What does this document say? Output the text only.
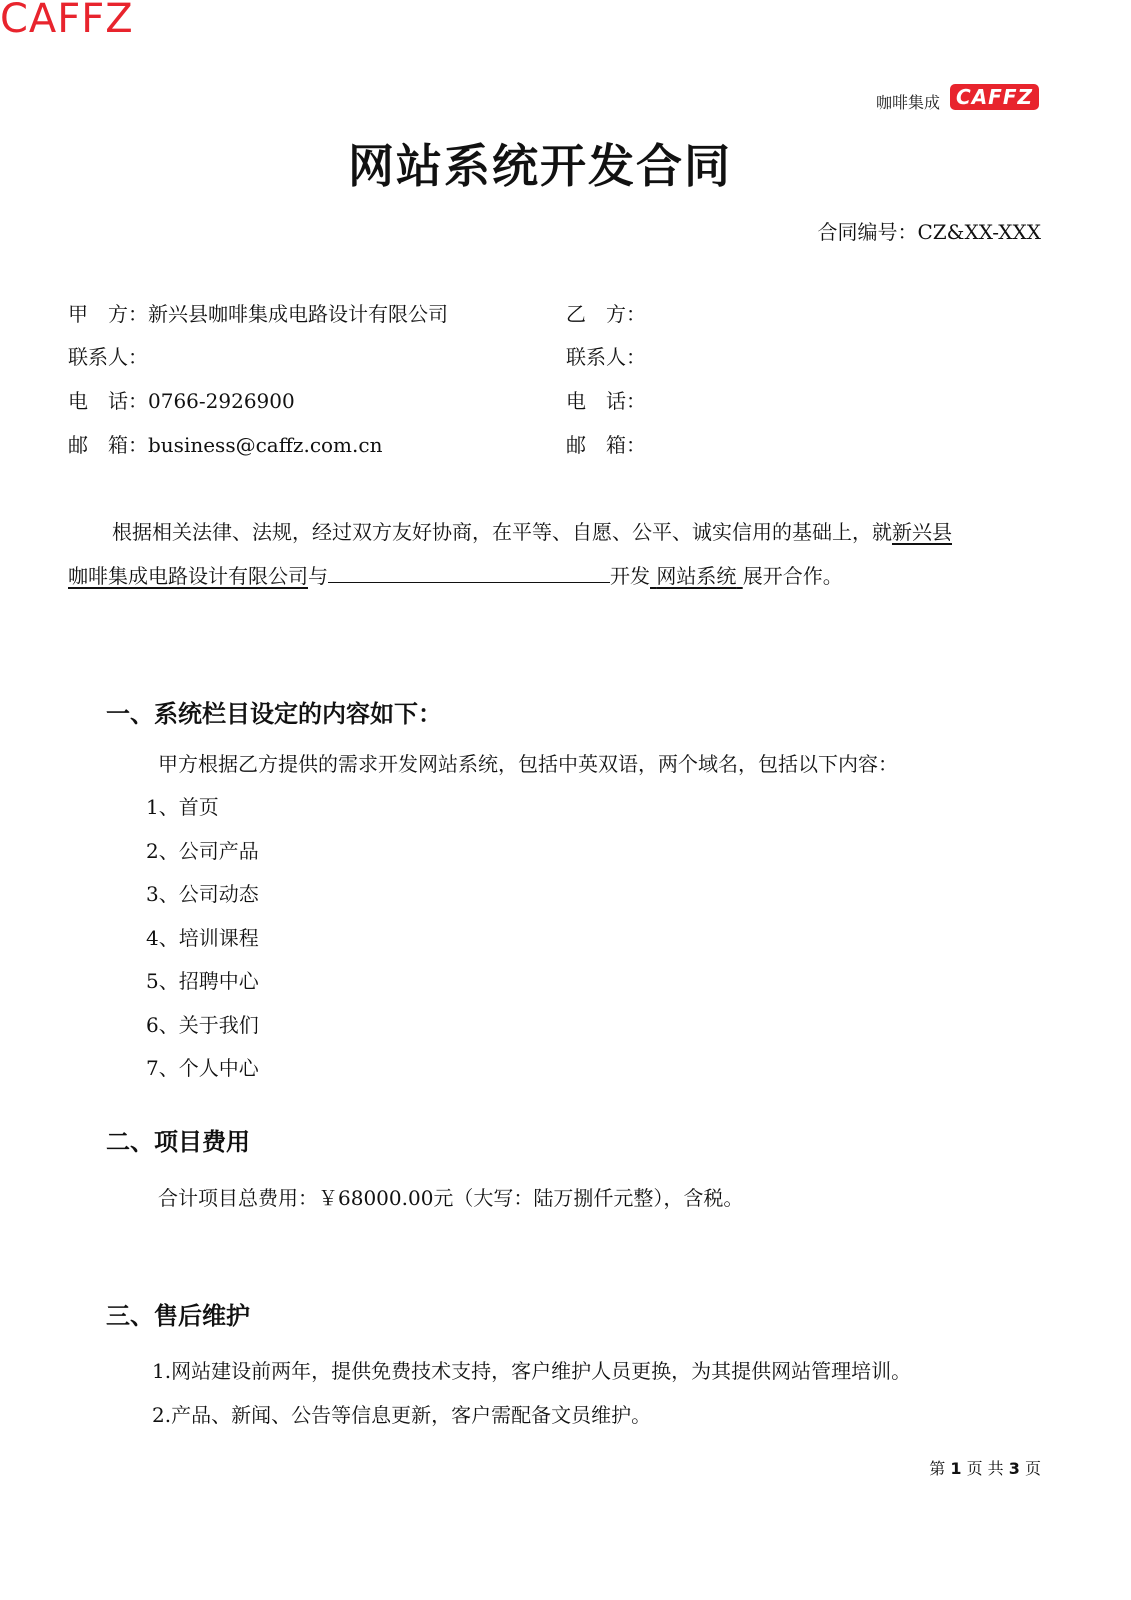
CAFFZ
咖啡集成 CAFFZ
网站系统开发合同
合同编号：CZ&XX-XXX
甲　方：新兴县咖啡集成电路设计有限公司
联系人：
电　话：0766-2926900
邮　箱：business@caffz.com.cn
乙　方：
联系人：
电　话：
邮　箱：
根据相关法律、法规，经过双方友好协商，在平等、自愿、公平、诚实信用的基础上，就新兴县
咖啡集成电路设计有限公司与	开发 网站系统 展开合作。
一、系统栏目设定的内容如下：
甲方根据乙方提供的需求开发网站系统，包括中英双语，两个域名，包括以下内容：
1、首页
2、公司产品
3、公司动态
4、培训课程
5、招聘中心
6、关于我们
7、个人中心
二、项目费用
合计项目总费用：￥68000.00元（大写：陆万捌仟元整），含税。
三、售后维护
1.网站建设前两年，提供免费技术支持，客户维护人员更换，为其提供网站管理培训。
2.产品、新闻、公告等信息更新，客户需配备文员维护。
第 1 页 共 3 页
